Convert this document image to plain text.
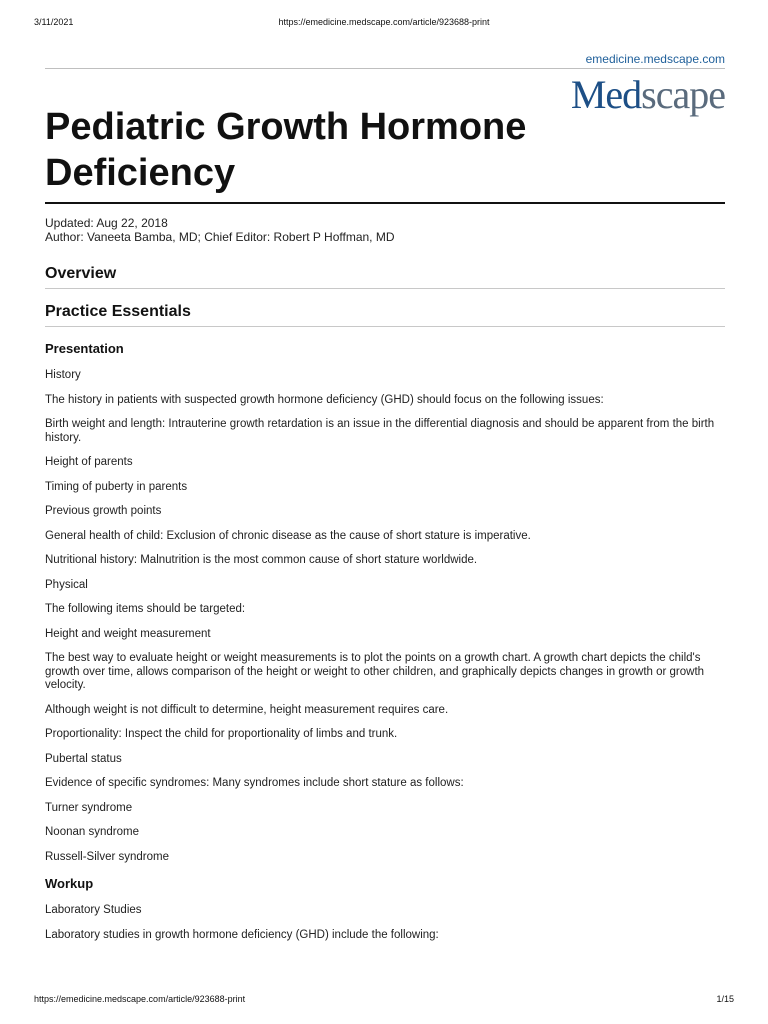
3/11/2021	https://emedicine.medscape.com/article/923688-print
emedicine.medscape.com
Medscape
Pediatric Growth Hormone Deficiency
Updated: Aug 22, 2018
Author: Vaneeta Bamba, MD; Chief Editor: Robert P Hoffman, MD
Overview
Practice Essentials
Presentation

History

The history in patients with suspected growth hormone deficiency (GHD) should focus on the following issues:

Birth weight and length: Intrauterine growth retardation is an issue in the differential diagnosis and should be apparent from the birth history.

Height of parents

Timing of puberty in parents

Previous growth points

General health of child: Exclusion of chronic disease as the cause of short stature is imperative.

Nutritional history: Malnutrition is the most common cause of short stature worldwide.

Physical

The following items should be targeted:

Height and weight measurement

The best way to evaluate height or weight measurements is to plot the points on a growth chart. A growth chart depicts the child's growth over time, allows comparison of the height or weight to other children, and graphically depicts changes in growth or growth velocity.

Although weight is not difficult to determine, height measurement requires care.

Proportionality: Inspect the child for proportionality of limbs and trunk.

Pubertal status

Evidence of specific syndromes: Many syndromes include short stature as follows:

Turner syndrome

Noonan syndrome

Russell-Silver syndrome

Workup

Laboratory Studies

Laboratory studies in growth hormone deficiency (GHD) include the following:

https://emedicine.medscape.com/article/923688-print	1/15
